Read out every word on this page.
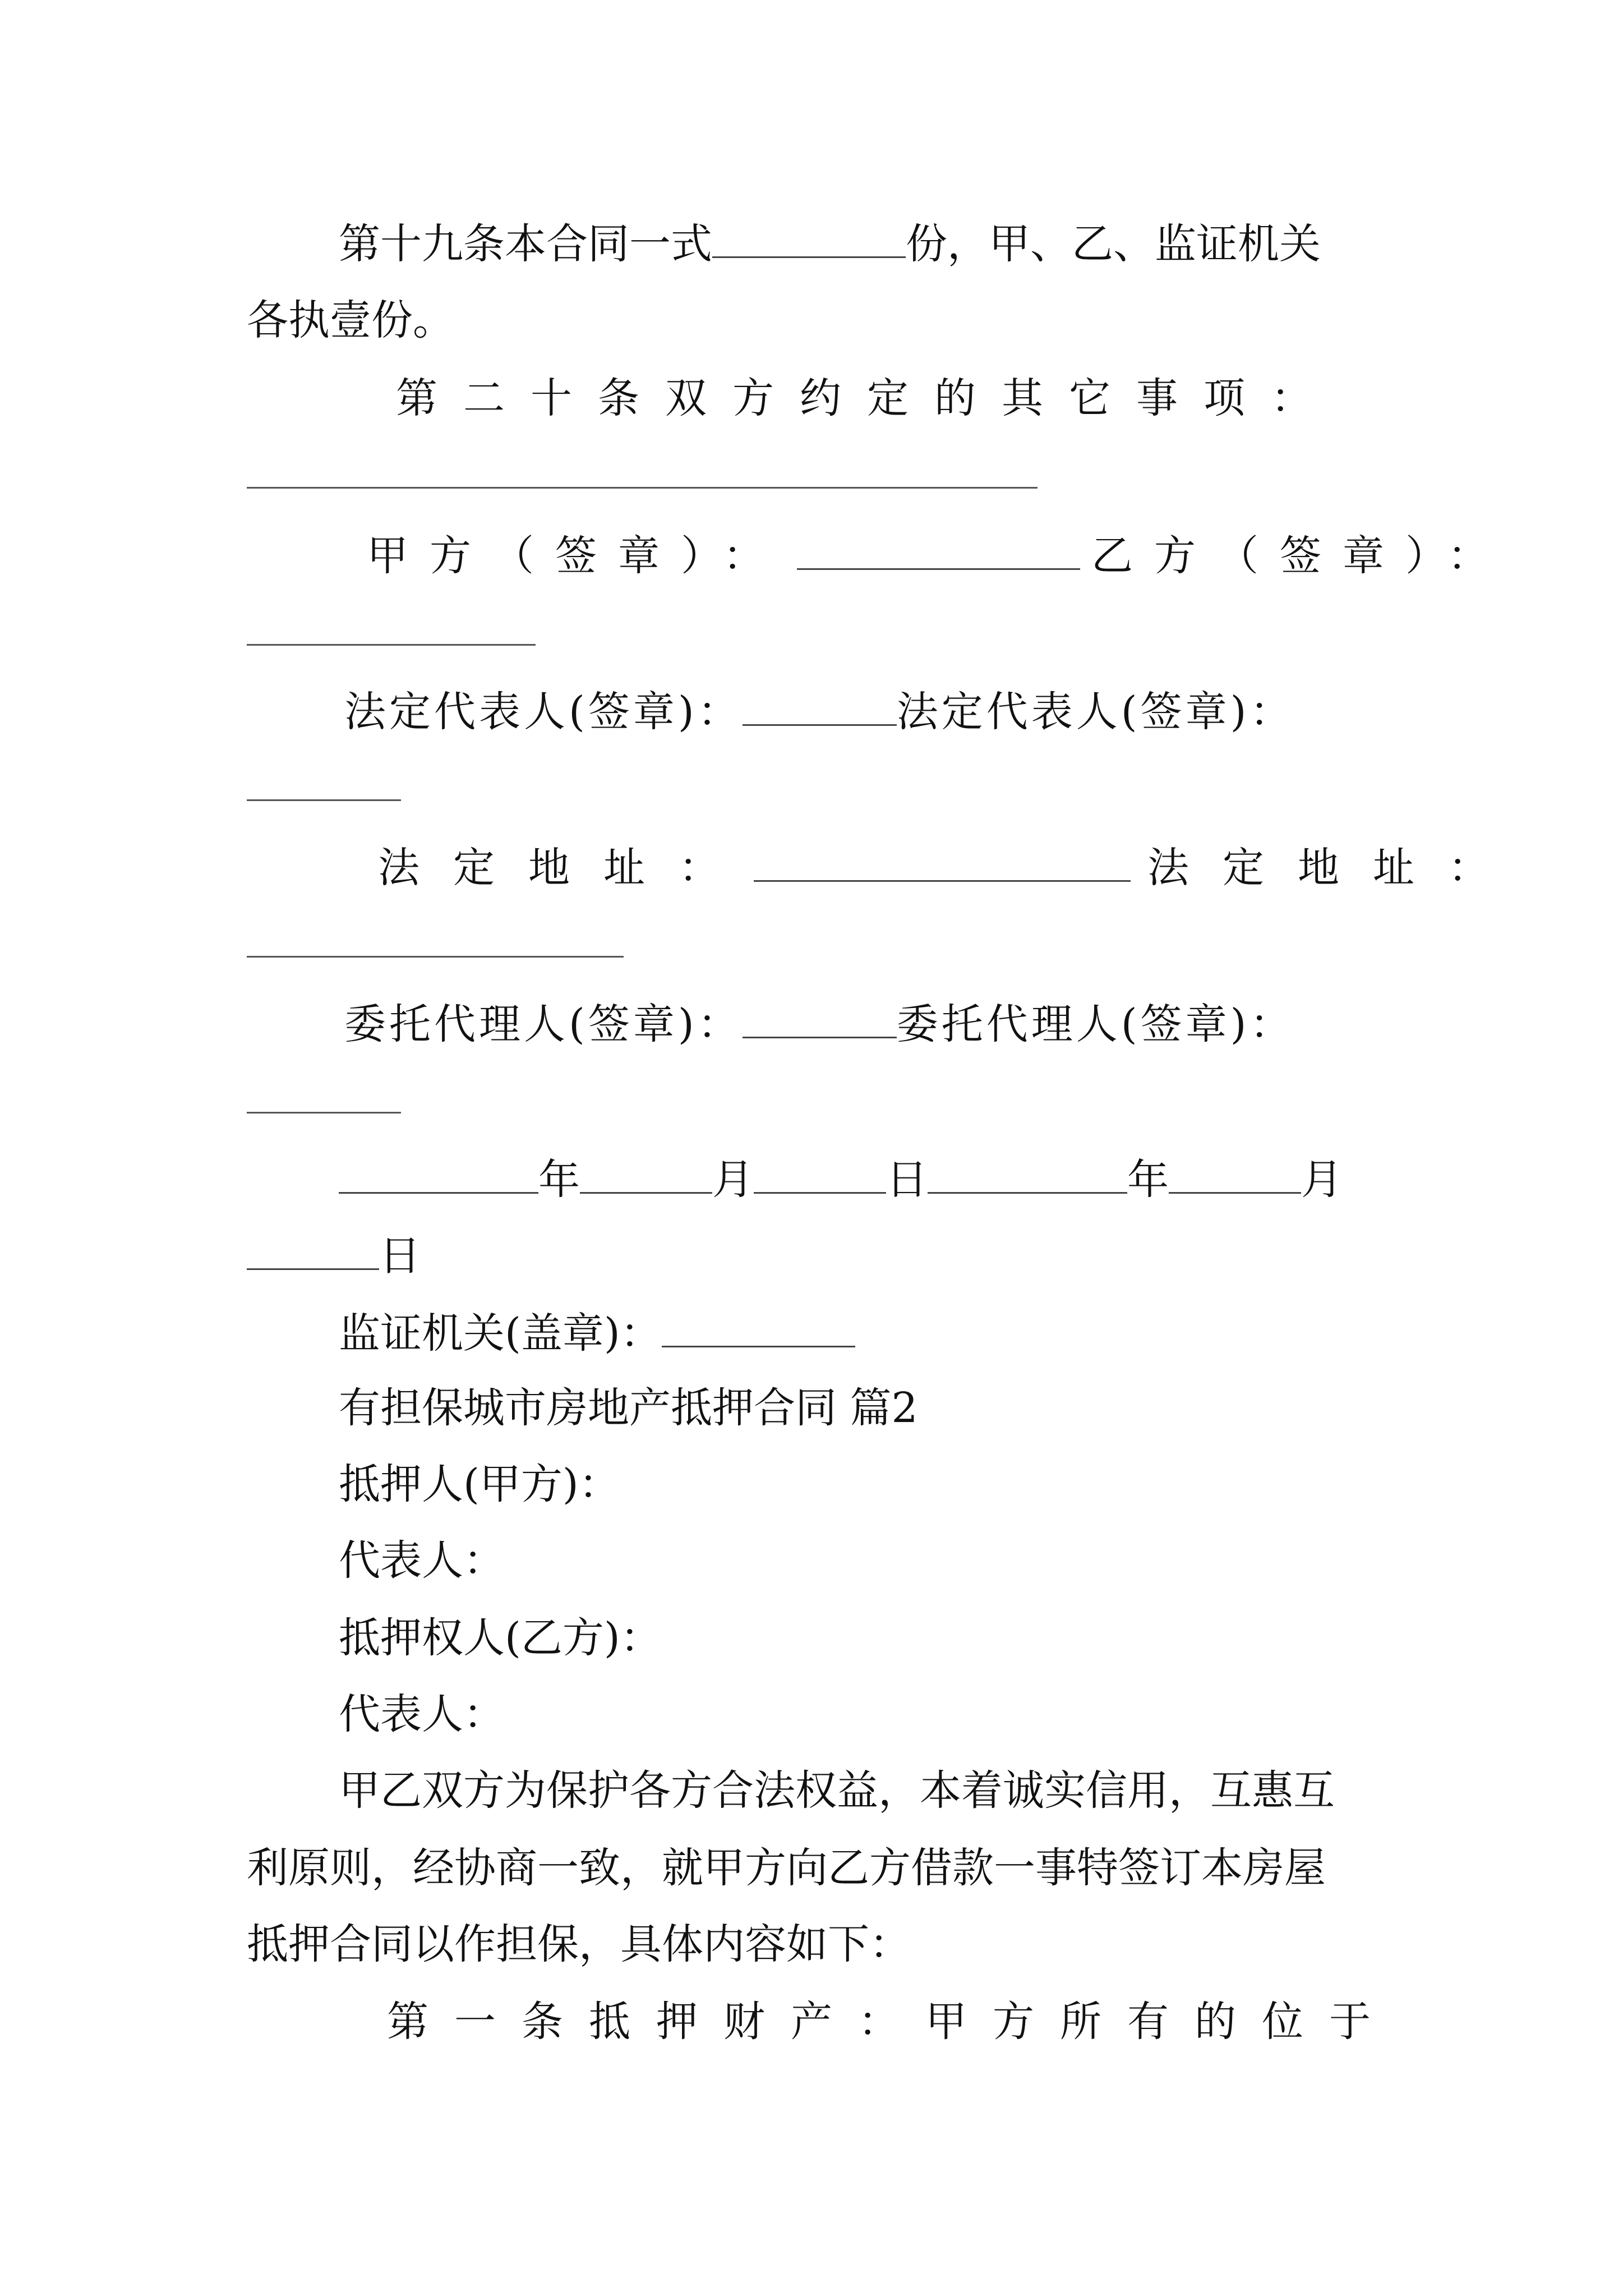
第十九条本合同一式	份，甲、乙、监证机关
各执壹份。
第二十条双方约定的其它事项：
甲方（签章）：	乙方（签章）：
法定代表人(签章)：	法定代表人(签章)：
法定地址：	法定地址：
委托代理人(签章)：	委托代理人(签章)：
年	月	日	年	月
日
监证机关(盖章)：
有担保城市房地产抵押合同 篇2
抵押人(甲方)：
代表人：
抵押权人(乙方)：
代表人：
甲乙双方为保护各方合法权益，本着诚实信用，互惠互
利原则，经协商一致，就甲方向乙方借款一事特签订本房屋
抵押合同以作担保，具体内容如下：
第一条抵押财产：甲方所有的位于
